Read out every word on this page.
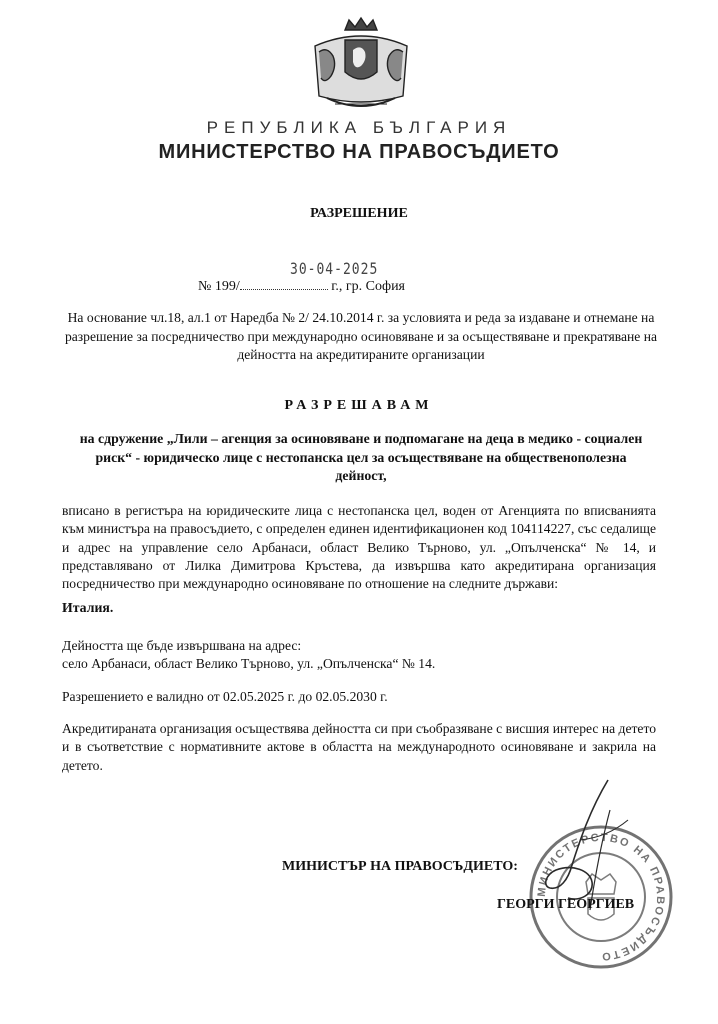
РЕПУБЛИКА БЪЛГАРИЯ
МИНИСТЕРСТВО НА ПРАВОСЪДИЕТО
РАЗРЕШЕНИЕ
30-04-2025
№ 199/	г., гр. София
На основание чл.18, ал.1 от Наредба № 2/ 24.10.2014 г. за условията и реда за издаване и отнемане на разрешение за посредничество при международно осиновяване и за осъществяване и прекратяване на дейността на акредитираните организации
РАЗРЕШАВАМ
на сдружение „Лили – агенция за осиновяване и подпомагане на деца в медико - социален риск“ - юридическо лице с нестопанска цел за осъществяване на общественополезна дейност,
вписано в регистъра на юридическите лица с нестопанска цел, воден от Агенцията по вписванията към министъра на правосъдието, с определен единен идентификационен код 104114227, със седалище и адрес на управление село Арбанаси, област Велико Търново, ул. „Опълченска“ № 14, и представлявано от Лилка Димитрова Кръстева, да извършва като акредитирана организация посредничество при международно осиновяване по отношение на следните държави:
Италия.
Дейността ще бъде извършвана на адрес:
село Арбанаси, област Велико Търново, ул. „Опълченска“ № 14.
Разрешението е валидно от 02.05.2025 г. до 02.05.2030 г.
Акредитираната организация осъществява дейността си при съобразяване с висшия интерес на детето и в съответствие с нормативните актове в областта на международното осиновяване и закрила на детето.
МИНИСТЕРСТВО НА ПРАВОСЪДИЕТО
МИНИСТЪР НА ПРАВОСЪДИЕТО:
ГЕОРГИ ГЕОРГИЕВ
